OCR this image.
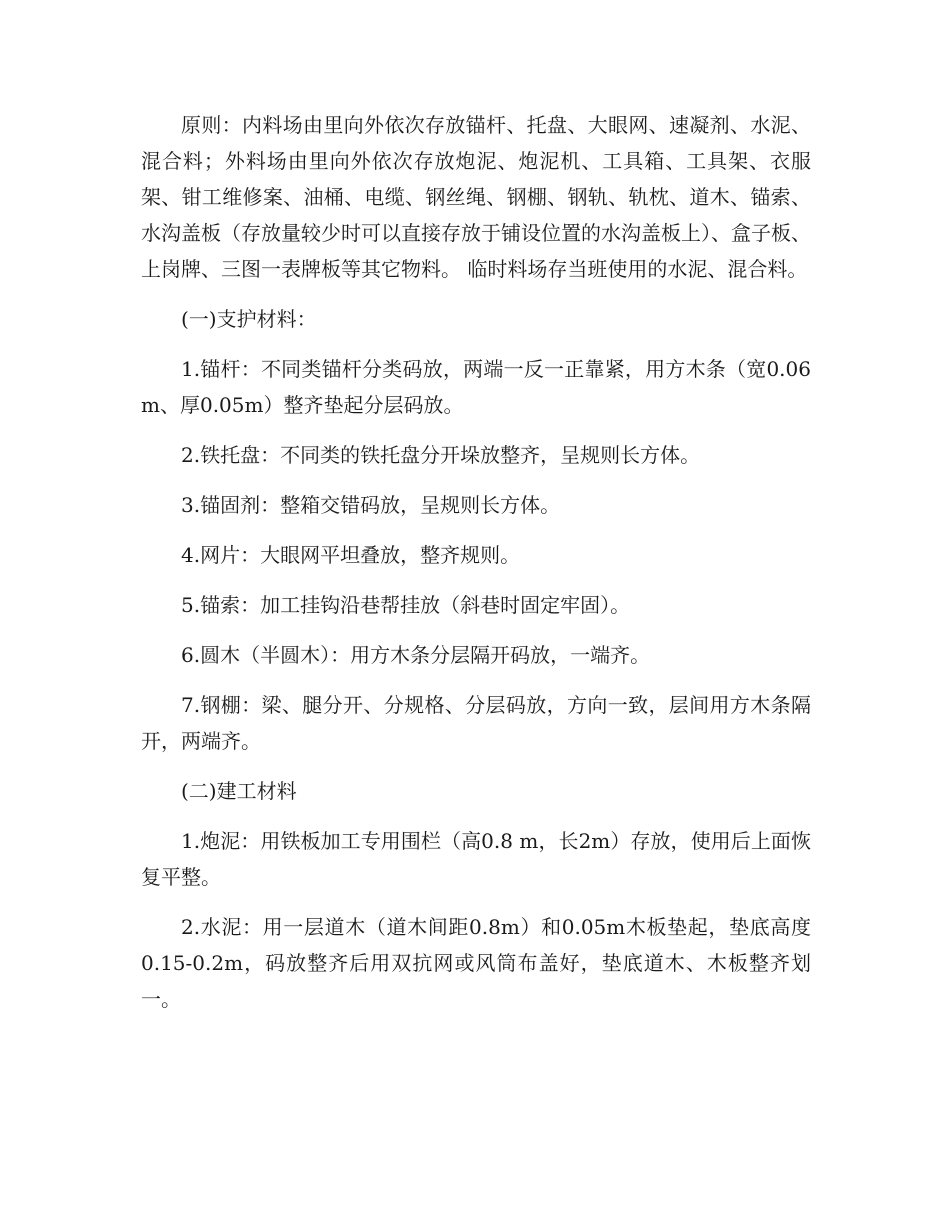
原则：内料场由里向外依次存放锚杆、托盘、大眼网、速凝剂、水泥、混合料；外料场由里向外依次存放炮泥、炮泥机、工具箱、工具架、衣服架、钳工维修案、油桶、电缆、钢丝绳、钢棚、钢轨、轨枕、道木、锚索、水沟盖板（存放量较少时可以直接存放于铺设位置的水沟盖板上）、盒子板、上岗牌、三图一表牌板等其它物料。 临时料场存当班使用的水泥、混合料。

(一)支护材料：

1.锚杆：不同类锚杆分类码放，两端一反一正靠紧，用方木条（宽0.06m、厚0.05m）整齐垫起分层码放。

2.铁托盘：不同类的铁托盘分开垛放整齐，呈规则长方体。

3.锚固剂：整箱交错码放，呈规则长方体。

4.网片：大眼网平坦叠放，整齐规则。

5.锚索：加工挂钩沿巷帮挂放（斜巷时固定牢固）。

6.圆木（半圆木）：用方木条分层隔开码放，一端齐。

7.钢棚：梁、腿分开、分规格、分层码放，方向一致，层间用方木条隔开，两端齐。

(二)建工材料

1.炮泥：用铁板加工专用围栏（高0.8 m，长2m）存放，使用后上面恢复平整。

2.水泥：用一层道木（道木间距0.8m）和0.05m木板垫起，垫底高度0.15-0.2m，码放整齐后用双抗网或风筒布盖好，垫底道木、木板整齐划一。
